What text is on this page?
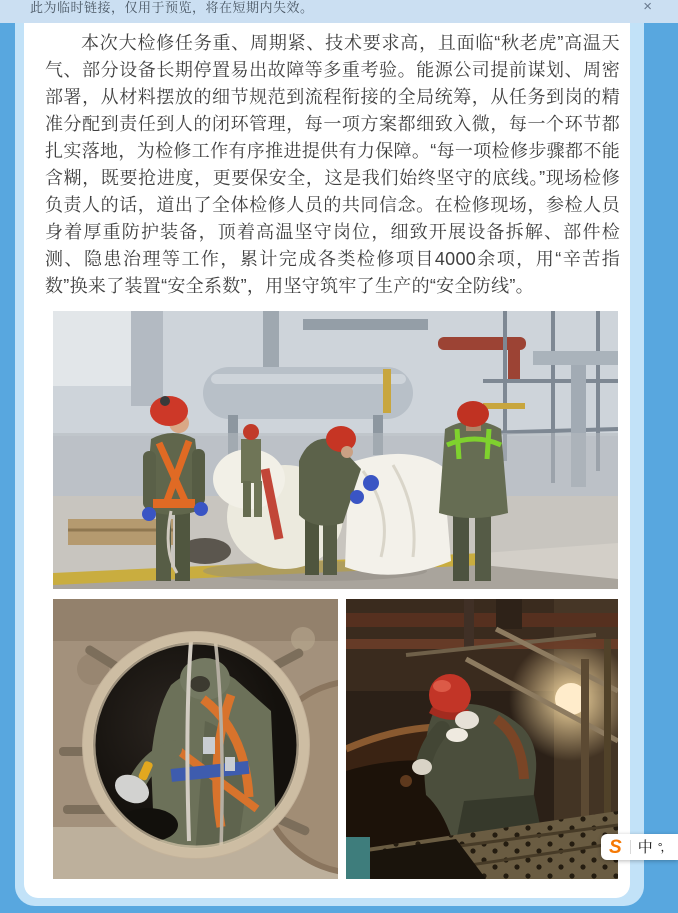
此为临时链接，仅用于预览，将在短期内失效。	×

本次大检修任务重、周期紧、技术要求高，且面临“秋老虎”高温天气、部分设备长期停置易出故障等多重考验。能源公司提前谋划、周密部署，从材料摆放的细节规范到流程衔接的全局统筹，从任务到岗的精准分配到责任到人的闭环管理，每一项方案都细致入微，每一个环节都扎实落地，为检修工作有序推进提供有力保障。“每一项检修步骤都不能含糊，既要抢进度，更要保安全，这是我们始终坚守的底线。”现场检修负责人的话，道出了全体检修人员的共同信念。在检修现场，参检人员身着厚重防护装备，顶着高温坚守岗位，细致开展设备拆解、部件检测、隐患治理等工作，累计完成各类检修项目4000余项，用“辛苦指数”换来了装置“安全系数”，用坚守筑牢了生产的“安全防线”。

S 中 °，
